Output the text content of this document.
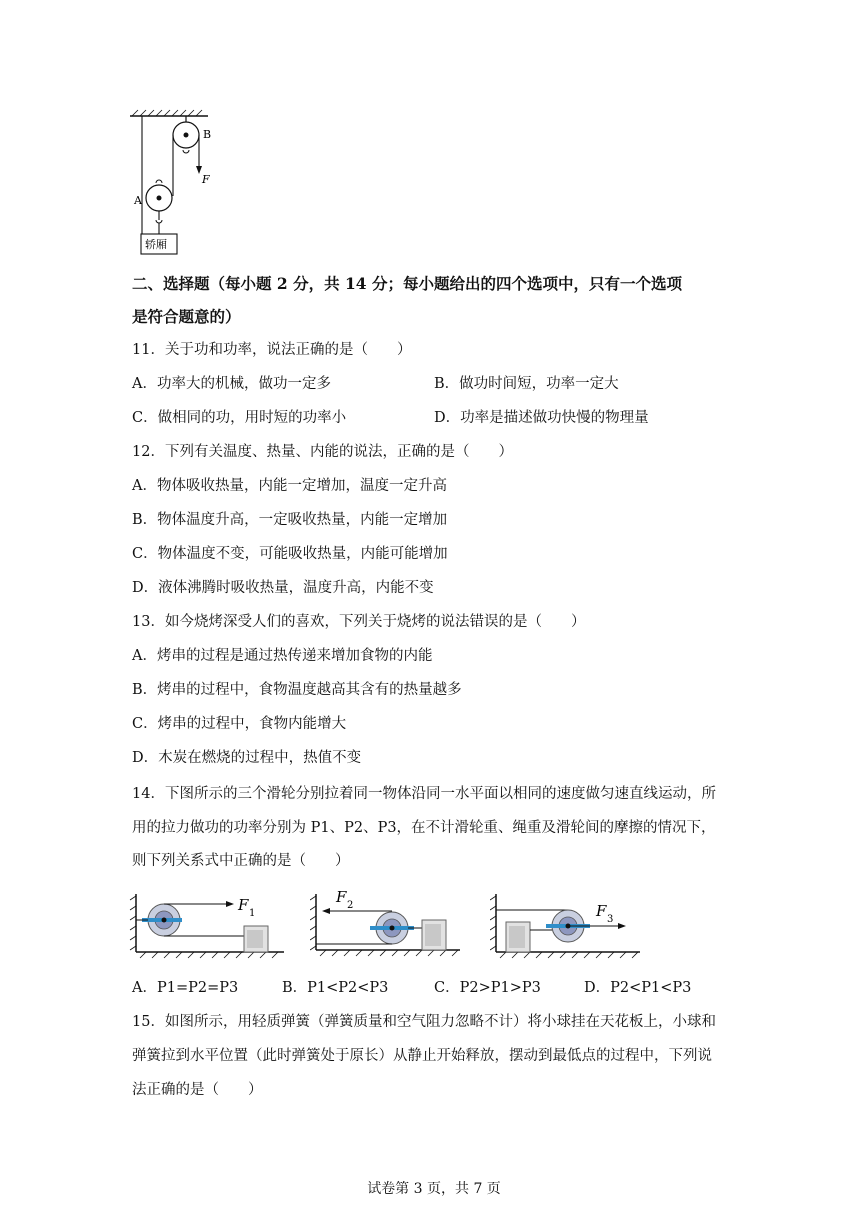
A
B
F
轿厢
二、选择题（每小题 2 分，共 14 分；每小题给出的四个选项中，只有一个选项
是符合题意的）
11．关于功和功率，说法正确的是（　　）
A．功率大的机械，做功一定多	B．做功时间短，功率一定大
C．做相同的功，用时短的功率小	D．功率是描述做功快慢的物理量
12．下列有关温度、热量、内能的说法，正确的是（　　）
A．物体吸收热量，内能一定增加，温度一定升高
B．物体温度升高，一定吸收热量，内能一定增加
C．物体温度不变，可能吸收热量，内能可能增加
D．液体沸腾时吸收热量，温度升高，内能不变
13．如今烧烤深受人们的喜欢，下列关于烧烤的说法错误的是（　　）
A．烤串的过程是通过热传递来增加食物的内能
B．烤串的过程中，食物温度越高其含有的热量越多
C．烤串的过程中，食物内能增大
D．木炭在燃烧的过程中，热值不变
14．下图所示的三个滑轮分别拉着同一物体沿同一水平面以相同的速度做匀速直线运动，所
用的拉力做功的功率分别为 P1、P2、P3，在不计滑轮重、绳重及滑轮间的摩擦的情况下，
则下列关系式中正确的是（　　）
F 1
F 2	F 3
A．P1=P2=P3	B．P1<P2<P3	C．P2>P1>P3	D．P2<P1<P3
15．如图所示，用轻质弹簧（弹簧质量和空气阻力忽略不计）将小球挂在天花板上，小球和
弹簧拉到水平位置（此时弹簧处于原长）从静止开始释放，摆动到最低点的过程中，下列说
法正确的是（　　）
试卷第 3 页，共 7 页
